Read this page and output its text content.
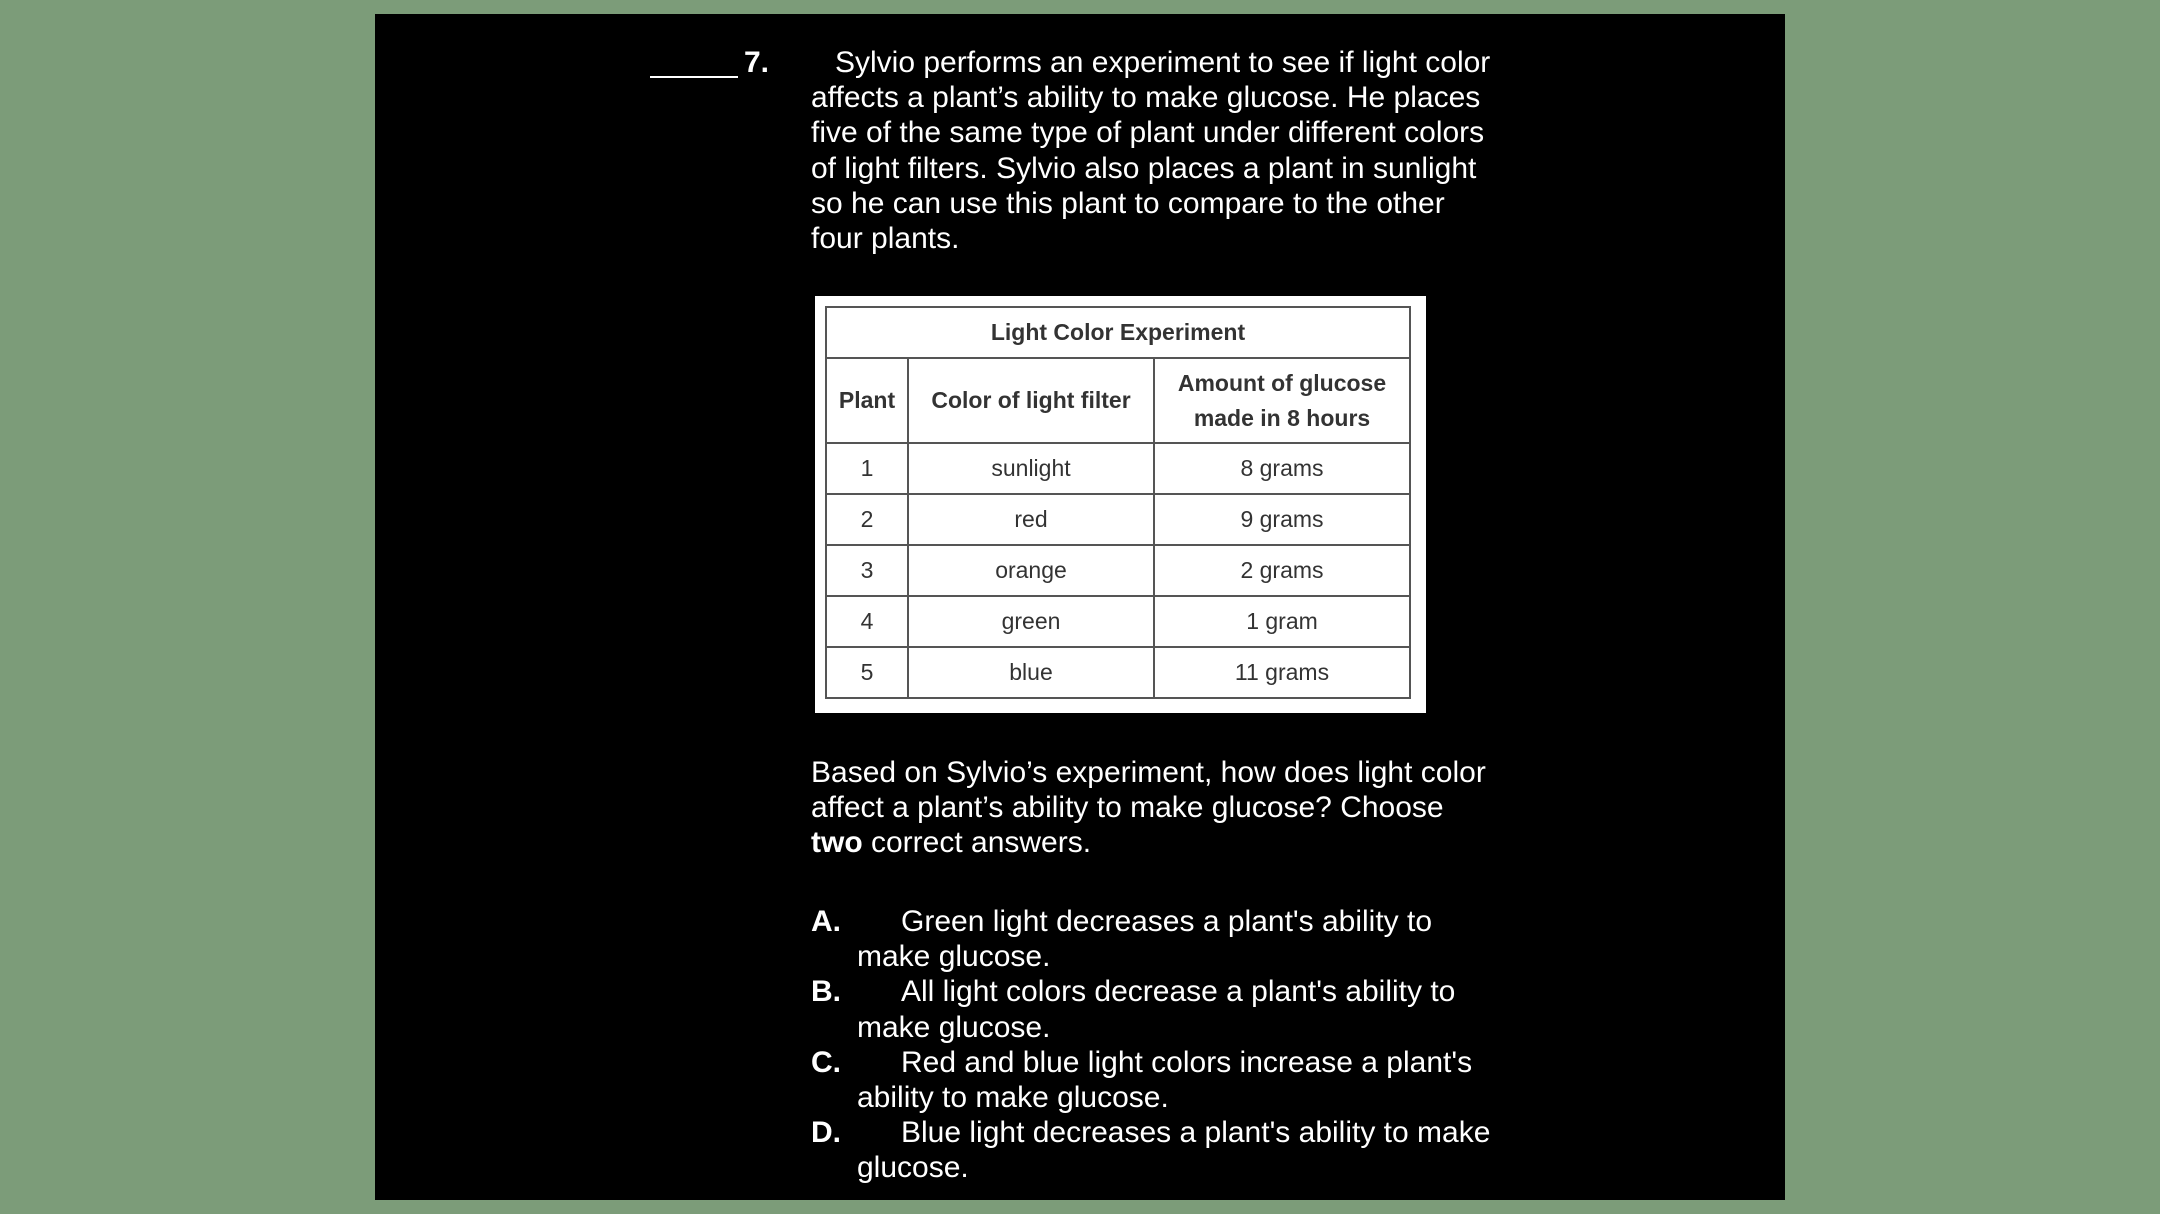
7.	Sylvio performs an experiment to see if light color
affects a plant’s ability to make glucose. He places
five of the same type of plant under different colors
of light filters. Sylvio also places a plant in sunlight
so he can use this plant to compare to the other
four plants.

Light Color Experiment		
Plant	Color of light filter	Amount of glucose
made in 8 hours
1	sunlight	8 grams
2	red	9 grams
3	orange	2 grams
4	green	1 gram
5	blue	11 grams
Based on Sylvio’s experiment, how does light color
affect a plant’s ability to make glucose? Choose
two correct answers.
A. Green light decreases a plant's ability to
make glucose.
B. All light colors decrease a plant's ability to
make glucose.
C. Red and blue light colors increase a plant's
ability to make glucose.
D. Blue light decreases a plant's ability to make
glucose.
